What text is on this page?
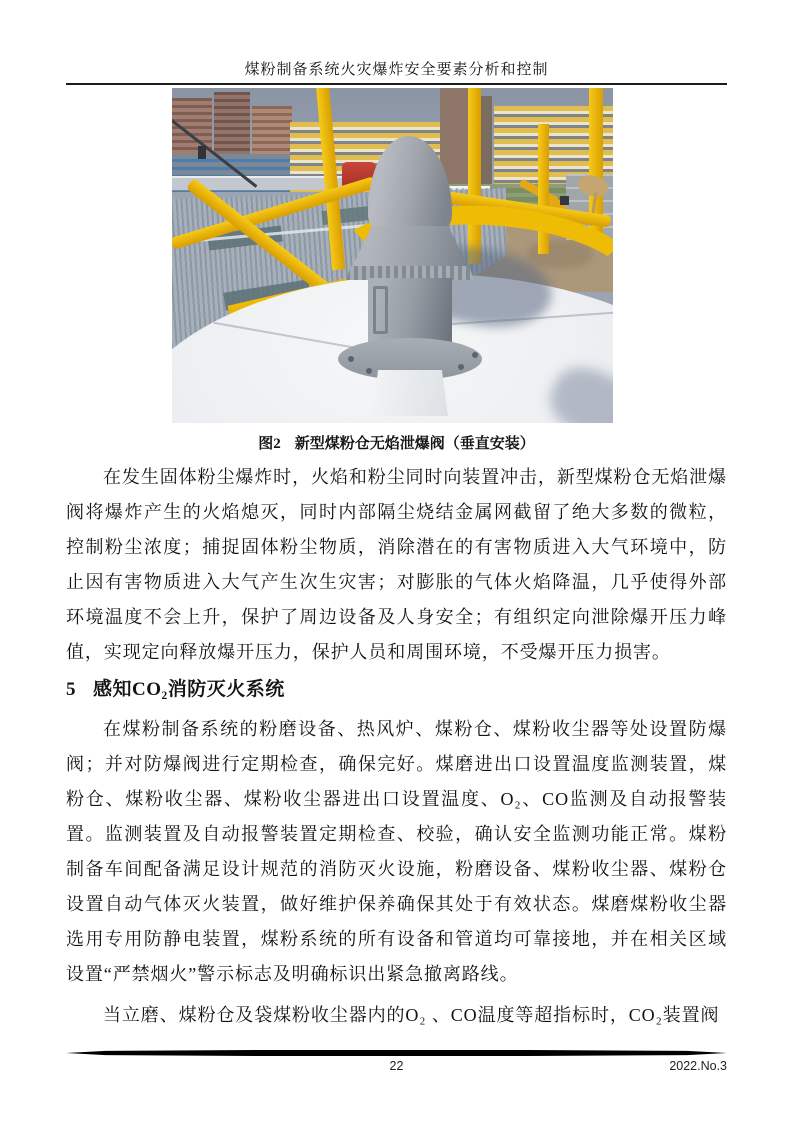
煤粉制备系统火灾爆炸安全要素分析和控制
图2 新型煤粉仓无焰泄爆阀（垂直安装）
在发生固体粉尘爆炸时，火焰和粉尘同时向装置冲击，新型煤粉仓无焰泄爆阀将爆炸产生的火焰熄灭，同时内部隔尘烧结金属网截留了绝大多数的微粒，控制粉尘浓度；捕捉固体粉尘物质，消除潜在的有害物质进入大气环境中，防止因有害物质进入大气产生次生灾害；对膨胀的气体火焰降温，几乎使得外部环境温度不会上升，保护了周边设备及人身安全；有组织定向泄除爆开压力峰值，实现定向释放爆开压力，保护人员和周围环境，不受爆开压力损害。
5 感知CO₂消防灭火系统
在煤粉制备系统的粉磨设备、热风炉、煤粉仓、煤粉收尘器等处设置防爆阀；并对防爆阀进行定期检查，确保完好。煤磨进出口设置温度监测装置，煤粉仓、煤粉收尘器、煤粉收尘器进出口设置温度、O₂、CO监测及自动报警装置。监测装置及自动报警装置定期检查、校验，确认安全监测功能正常。煤粉制备车间配备满足设计规范的消防灭火设施，粉磨设备、煤粉收尘器、煤粉仓设置自动气体灭火装置，做好维护保养确保其处于有效状态。煤磨煤粉收尘器选用专用防静电装置，煤粉系统的所有设备和管道均可靠接地，并在相关区域设置“严禁烟火”警示标志及明确标识出紧急撤离路线。
当立磨、煤粉仓及袋煤粉收尘器内的O₂ 、CO温度等超指标时，CO₂装置阀
22	2022.No.3
